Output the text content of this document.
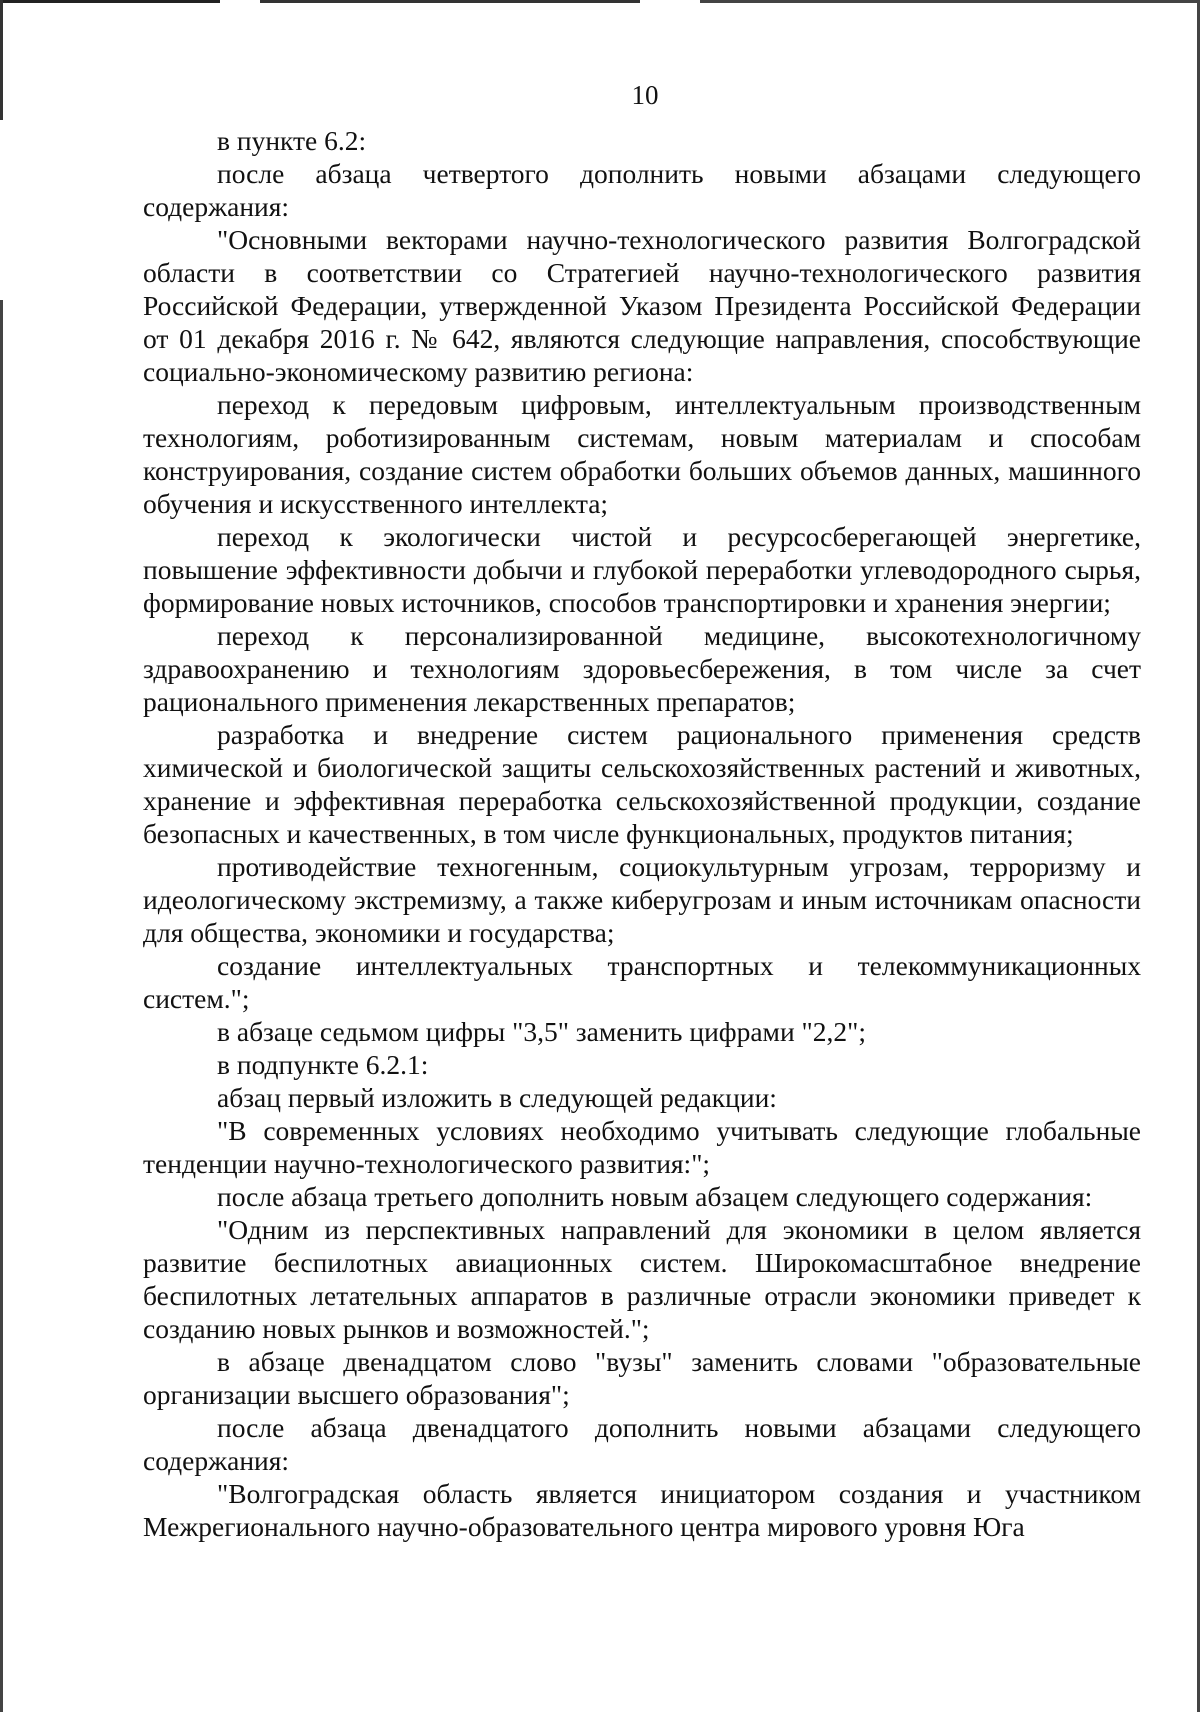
10

в пункте 6.2:

после абзаца четвертого дополнить новыми абзацами следующего содержания:

"Основными векторами научно-технологического развития Волгоградской области в соответствии со Стратегией научно-технологического развития Российской Федерации, утвержденной Указом Президента Российской Федерации от 01 декабря 2016 г. № 642, являются следующие направления, способствующие социально-экономическому развитию региона:

переход к передовым цифровым, интеллектуальным производственным технологиям, роботизированным системам, новым материалам и способам конструирования, создание систем обработки больших объемов данных, машинного обучения и искусственного интеллекта;

переход к экологически чистой и ресурсосберегающей энергетике, повышение эффективности добычи и глубокой переработки углеводородного сырья, формирование новых источников, способов транспортировки и хранения энергии;

переход к персонализированной медицине, высокотехнологичному здравоохранению и технологиям здоровьесбережения, в том числе за счет рационального применения лекарственных препаратов;

разработка и внедрение систем рационального применения средств химической и биологической защиты сельскохозяйственных растений и животных, хранение и эффективная переработка сельскохозяйственной продукции, создание безопасных и качественных, в том числе функциональных, продуктов питания;

противодействие техногенным, социокультурным угрозам, терроризму и идеологическому экстремизму, а также киберугрозам и иным источникам опасности для общества, экономики и государства;

создание интеллектуальных транспортных и телекоммуникационных систем.";

в абзаце седьмом цифры "3,5" заменить цифрами "2,2";

в подпункте 6.2.1:

абзац первый изложить в следующей редакции:

"В современных условиях необходимо учитывать следующие глобальные тенденции научно-технологического развития:";

после абзаца третьего дополнить новым абзацем следующего содержания:

"Одним из перспективных направлений для экономики в целом является развитие беспилотных авиационных систем. Широкомасштабное внедрение беспилотных летательных аппаратов в различные отрасли экономики приведет к созданию новых рынков и возможностей.";

в абзаце двенадцатом слово "вузы" заменить словами "образовательные организации высшего образования";

после абзаца двенадцатого дополнить новыми абзацами следующего содержания:

"Волгоградская область является инициатором создания и участником Межрегионального научно-образовательного центра мирового уровня Юга
